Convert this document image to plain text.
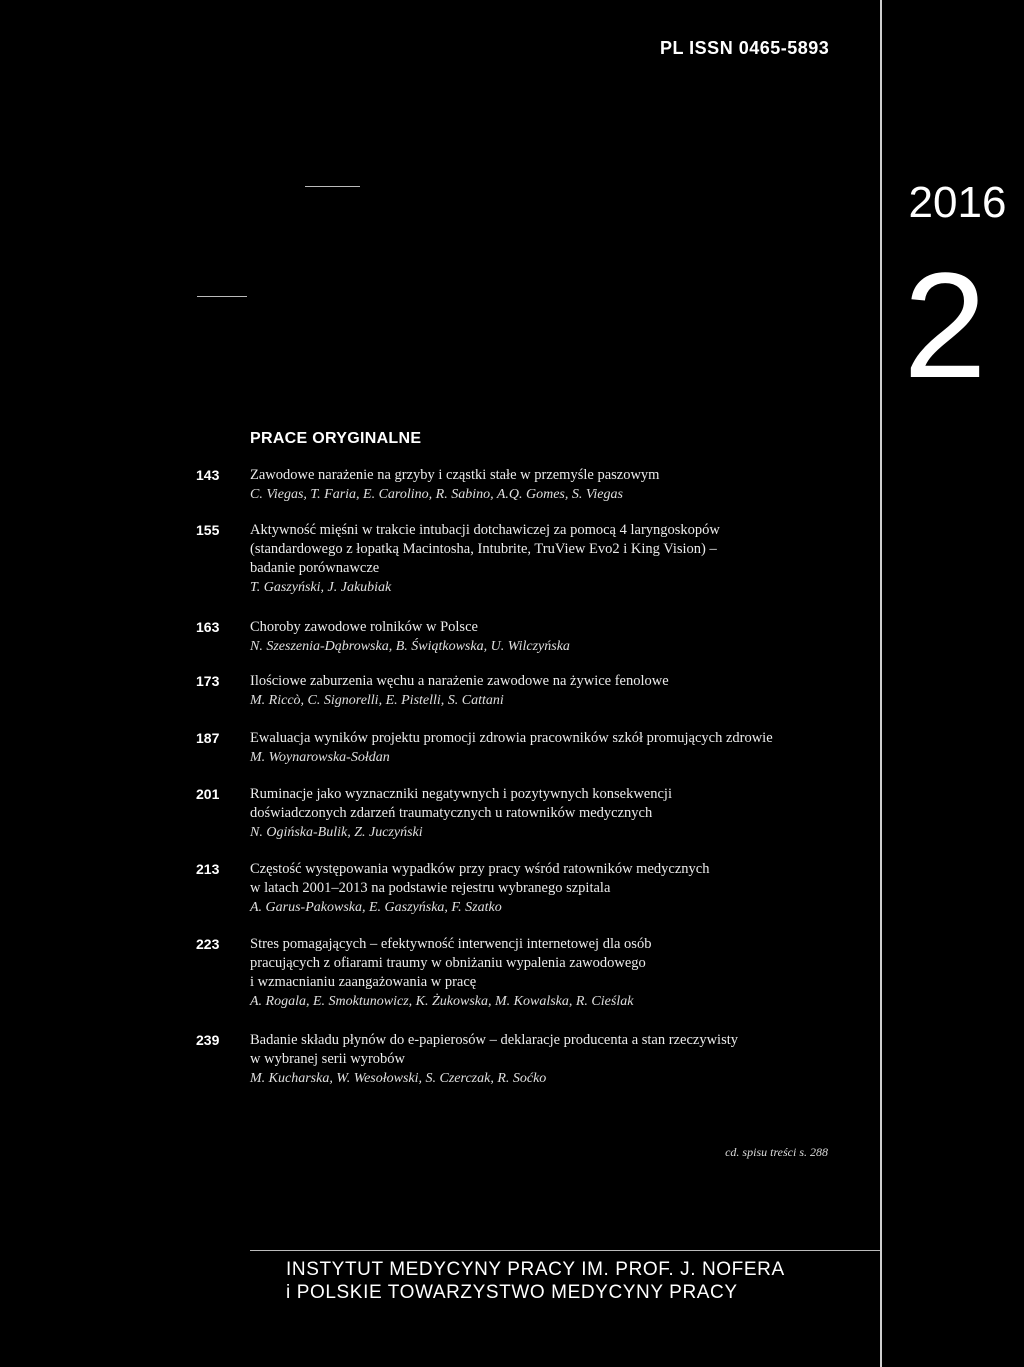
PL ISSN 0465-5893
2016
2
PRACE ORYGINALNE
143	Zawodowe narażenie na grzyby i cząstki stałe w przemyśle paszowym
C. Viegas, T. Faria, E. Carolino, R. Sabino, A.Q. Gomes, S. Viegas
155	Aktywność mięśni w trakcie intubacji dotchawiczej za pomocą 4 laryngoskopów
(standardowego z łopatką Macintosha, Intubrite, TruView Evo2 i King Vision) –
badanie porównawcze
T. Gaszyński, J. Jakubiak
163	Choroby zawodowe rolników w Polsce
N. Szeszenia-Dąbrowska, B. Świątkowska, U. Wilczyńska
173	Ilościowe zaburzenia węchu a narażenie zawodowe na żywice fenolowe
M. Riccò, C. Signorelli, E. Pistelli, S. Cattani
187	Ewaluacja wyników projektu promocji zdrowia pracowników szkół promujących zdrowie
M. Woynarowska-Sołdan
201	Ruminacje jako wyznaczniki negatywnych i pozytywnych konsekwencji
doświadczonych zdarzeń traumatycznych u ratowników medycznych
N. Ogińska-Bulik, Z. Juczyński
213	Częstość występowania wypadków przy pracy wśród ratowników medycznych
w latach 2001–2013 na podstawie rejestru wybranego szpitala
A. Garus-Pakowska, E. Gaszyńska, F. Szatko
223	Stres pomagających – efektywność interwencji internetowej dla osób
pracujących z ofiarami traumy w obniżaniu wypalenia zawodowego
i wzmacnianiu zaangażowania w pracę
A. Rogala, E. Smoktunowicz, K. Żukowska, M. Kowalska, R. Cieślak
239	Badanie składu płynów do e-papierosów – deklaracje producenta a stan rzeczywisty
w wybranej serii wyrobów
M. Kucharska, W. Wesołowski, S. Czerczak, R. Soćko
cd. spisu treści s. 288
INSTYTUT MEDYCYNY PRACY IM. PROF. J. NOFERA
i POLSKIE TOWARZYSTWO MEDYCYNY PRACY
